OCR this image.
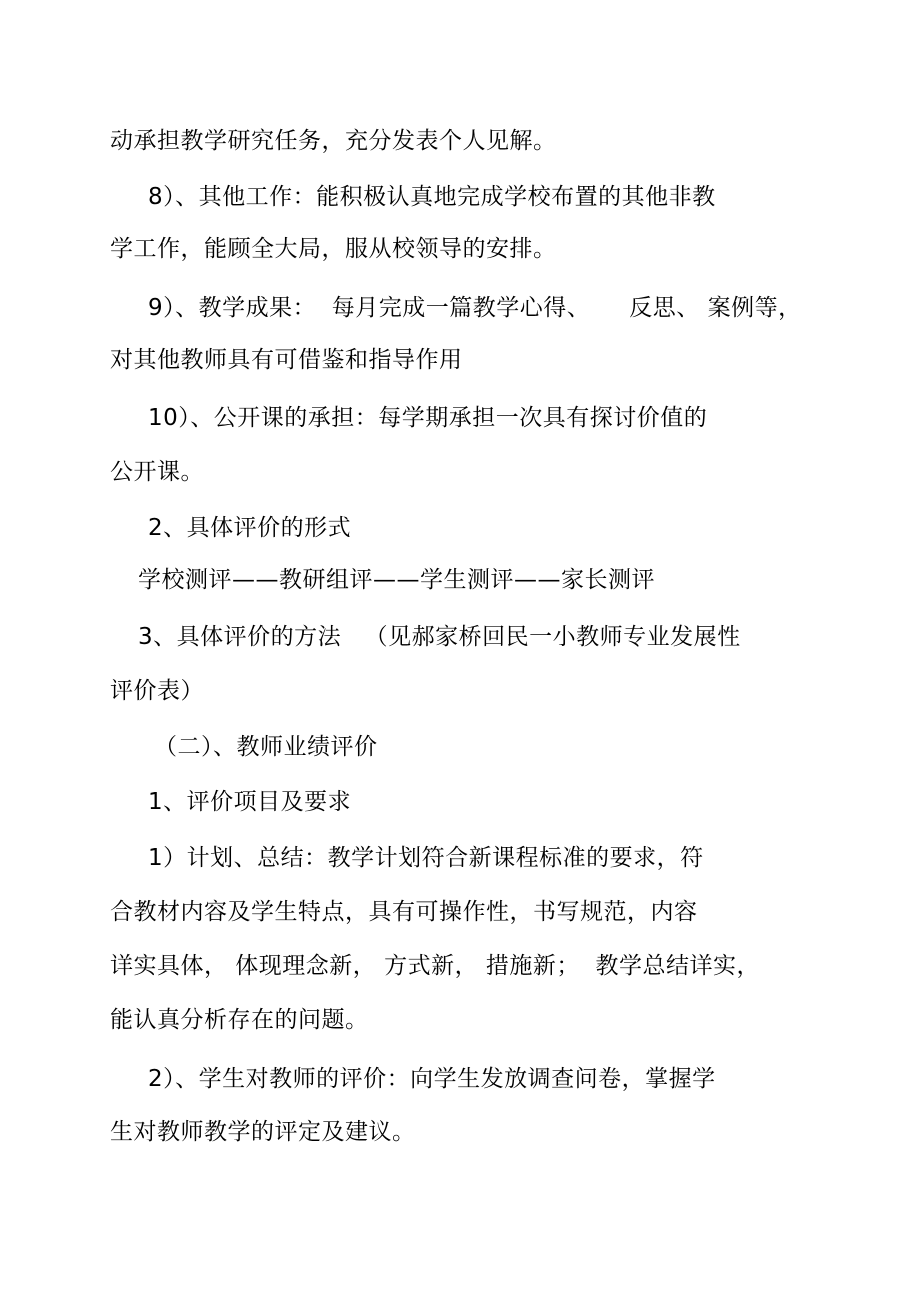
动承担教学研究任务，充分发表个人见解。
8）、其他工作：能积极认真地完成学校布置的其他非教
学工作，能顾全大局，服从校领导的安排。
9）、教学成果：  每月完成一篇教学心得、     反思、 案例等，
对其他教师具有可借鉴和指导作用
10）、公开课的承担：每学期承担一次具有探讨价值的
公开课。
2、具体评价的形式
学校测评——教研组评——学生测评——家长测评
3、具体评价的方法   （见郝家桥回民一小教师专业发展性
评价表）
（二）、教师业绩评价
1、评价项目及要求
1）计划、总结：教学计划符合新课程标准的要求，符
合教材内容及学生特点，具有可操作性，书写规范，内容
详实具体， 体现理念新， 方式新， 措施新；  教学总结详实，
能认真分析存在的问题。
2）、学生对教师的评价：向学生发放调查问卷，掌握学
生对教师教学的评定及建议。
